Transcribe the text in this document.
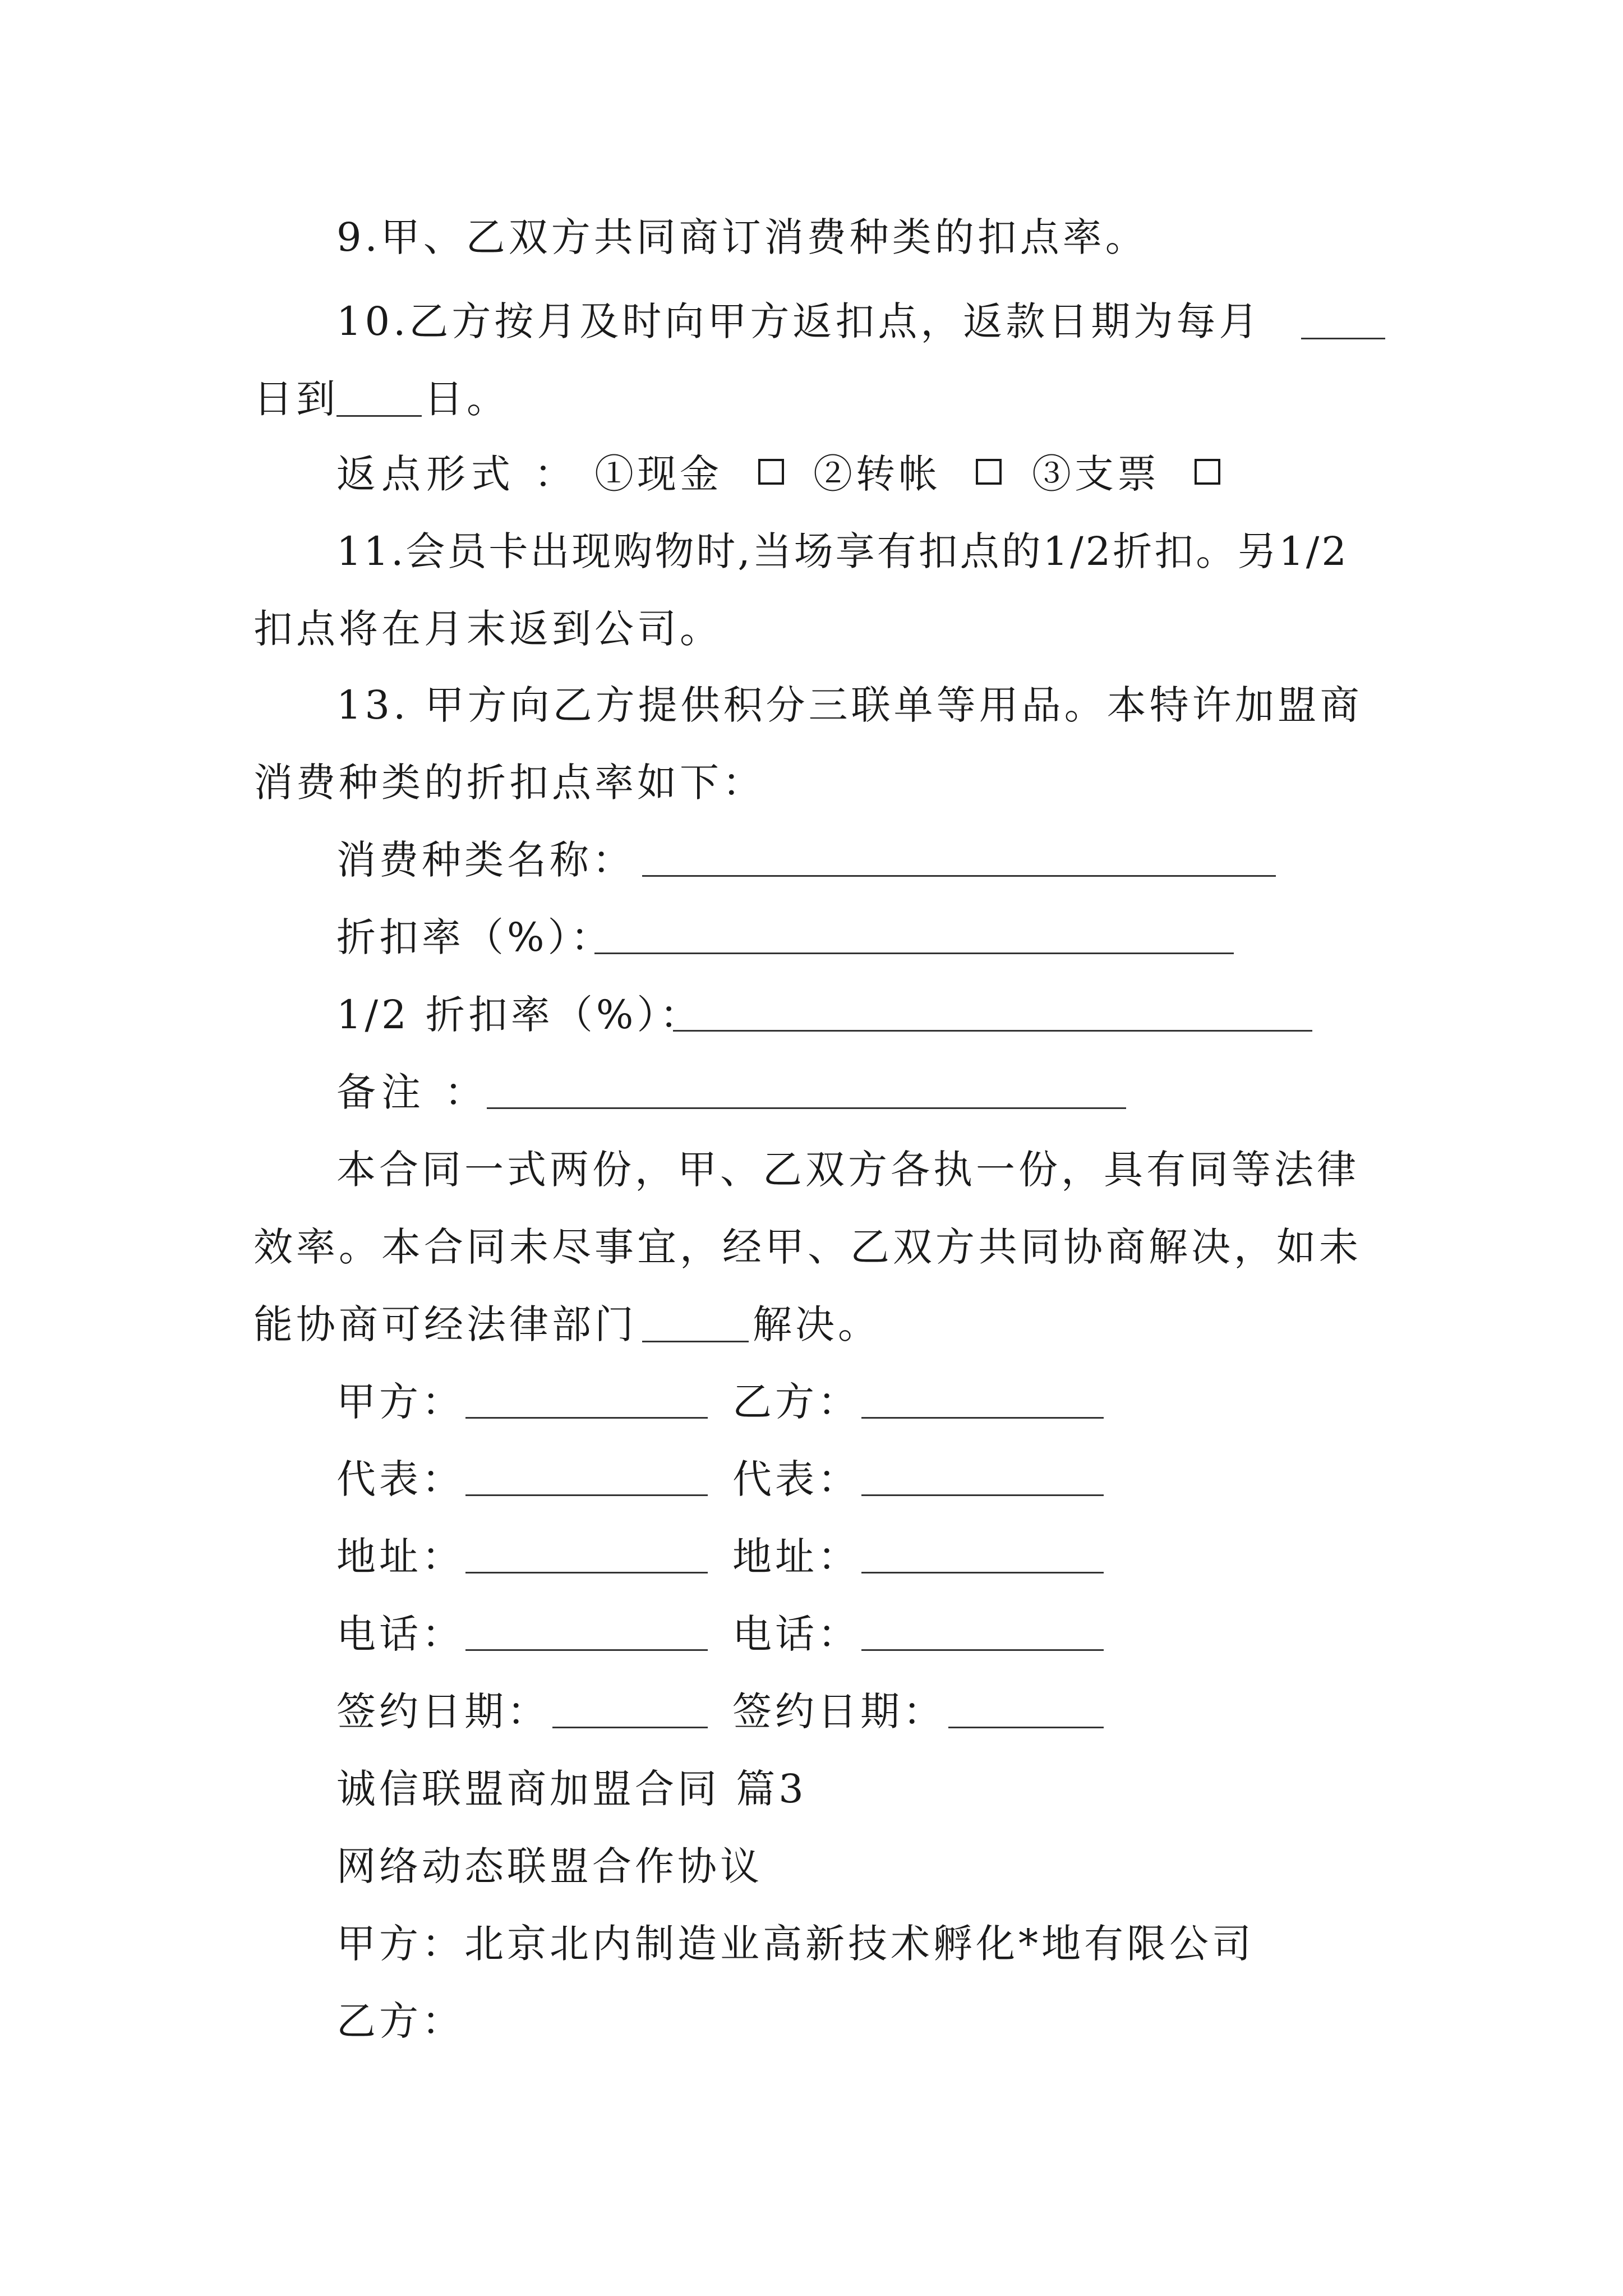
9.甲、乙双方共同商订消费种类的扣点率。
10.乙方按月及时向甲方返扣点，返款日期为每月
日到 日。
返点形式 ： ①现金 ②转帐 ③支票
11.会员卡出现购物时,当场享有扣点的1/2折扣。另1/2
扣点将在月末返到公司。
13. 甲方向乙方提供积分三联单等用品。本特许加盟商
消费种类的折扣点率如下：
消费种类名称：
折扣率（%）：
1/2 折扣率（%）：
备注 ：
本合同一式两份，甲、乙双方各执一份，具有同等法律
效率。本合同未尽事宜，经甲、乙双方共同协商解决，如未
能协商可经法律部门	解决。
甲方：	乙方：
代表：	代表：
地址：	地址：
电话：	电话：
签约日期：	签约日期：
诚信联盟商加盟合同 篇3
网络动态联盟合作协议
甲方：北京北内制造业高新技术孵化*地有限公司
乙方：
